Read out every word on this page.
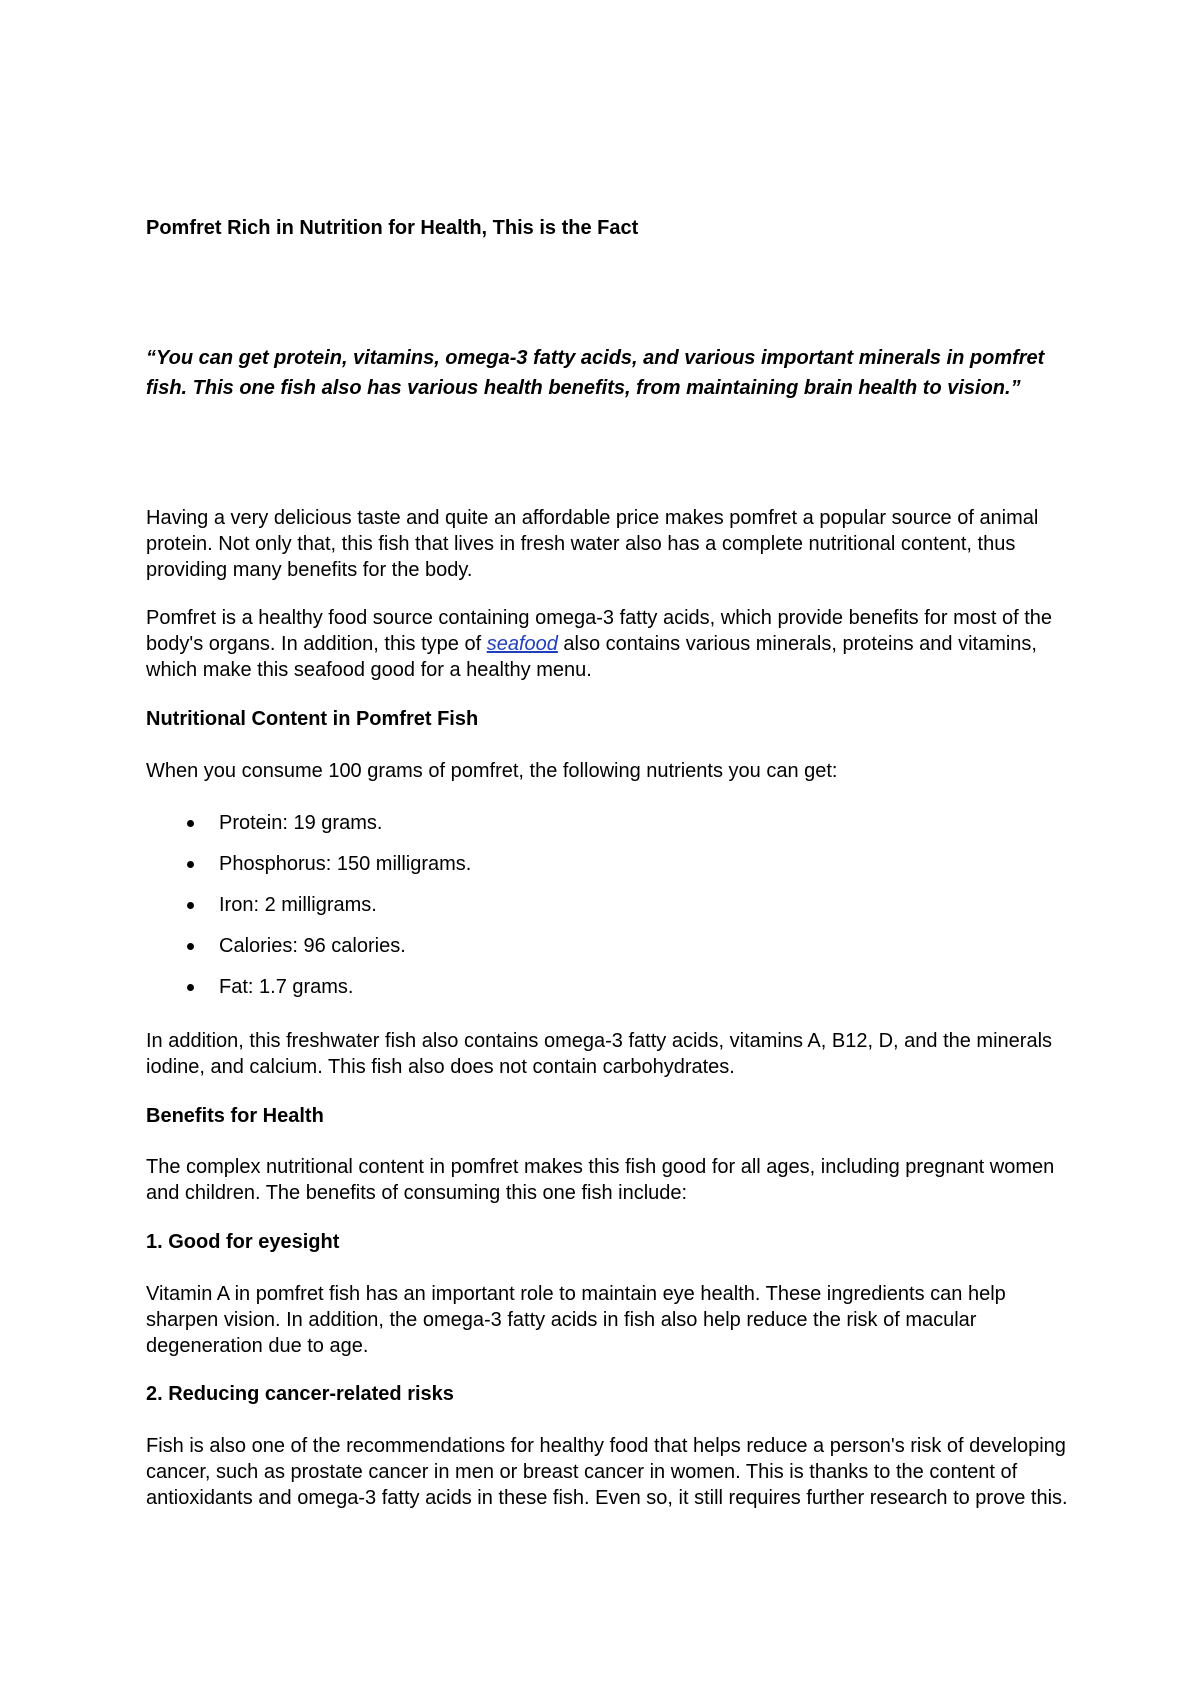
Pomfret Rich in Nutrition for Health, This is the Fact

“You can get protein, vitamins, omega-3 fatty acids, and various important minerals in pomfret fish. This one fish also has various health benefits, from maintaining brain health to vision.”

Having a very delicious taste and quite an affordable price makes pomfret a popular source of animal protein. Not only that, this fish that lives in fresh water also has a complete nutritional content, thus providing many benefits for the body.

Pomfret is a healthy food source containing omega-3 fatty acids, which provide benefits for most of the body's organs. In addition, this type of seafood also contains various minerals, proteins and vitamins, which make this seafood good for a healthy menu.

Nutritional Content in Pomfret Fish

When you consume 100 grams of pomfret, the following nutrients you can get:

Protein: 19 grams.
Phosphorus: 150 milligrams.
Iron: 2 milligrams.
Calories: 96 calories.
Fat: 1.7 grams.

In addition, this freshwater fish also contains omega-3 fatty acids, vitamins A, B12, D, and the minerals iodine, and calcium. This fish also does not contain carbohydrates.

Benefits for Health

The complex nutritional content in pomfret makes this fish good for all ages, including pregnant women and children. The benefits of consuming this one fish include:

1. Good for eyesight

Vitamin A in pomfret fish has an important role to maintain eye health. These ingredients can help sharpen vision. In addition, the omega-3 fatty acids in fish also help reduce the risk of macular degeneration due to age.

2. Reducing cancer-related risks

Fish is also one of the recommendations for healthy food that helps reduce a person's risk of developing cancer, such as prostate cancer in men or breast cancer in women. This is thanks to the content of antioxidants and omega-3 fatty acids in these fish. Even so, it still requires further research to prove this.
